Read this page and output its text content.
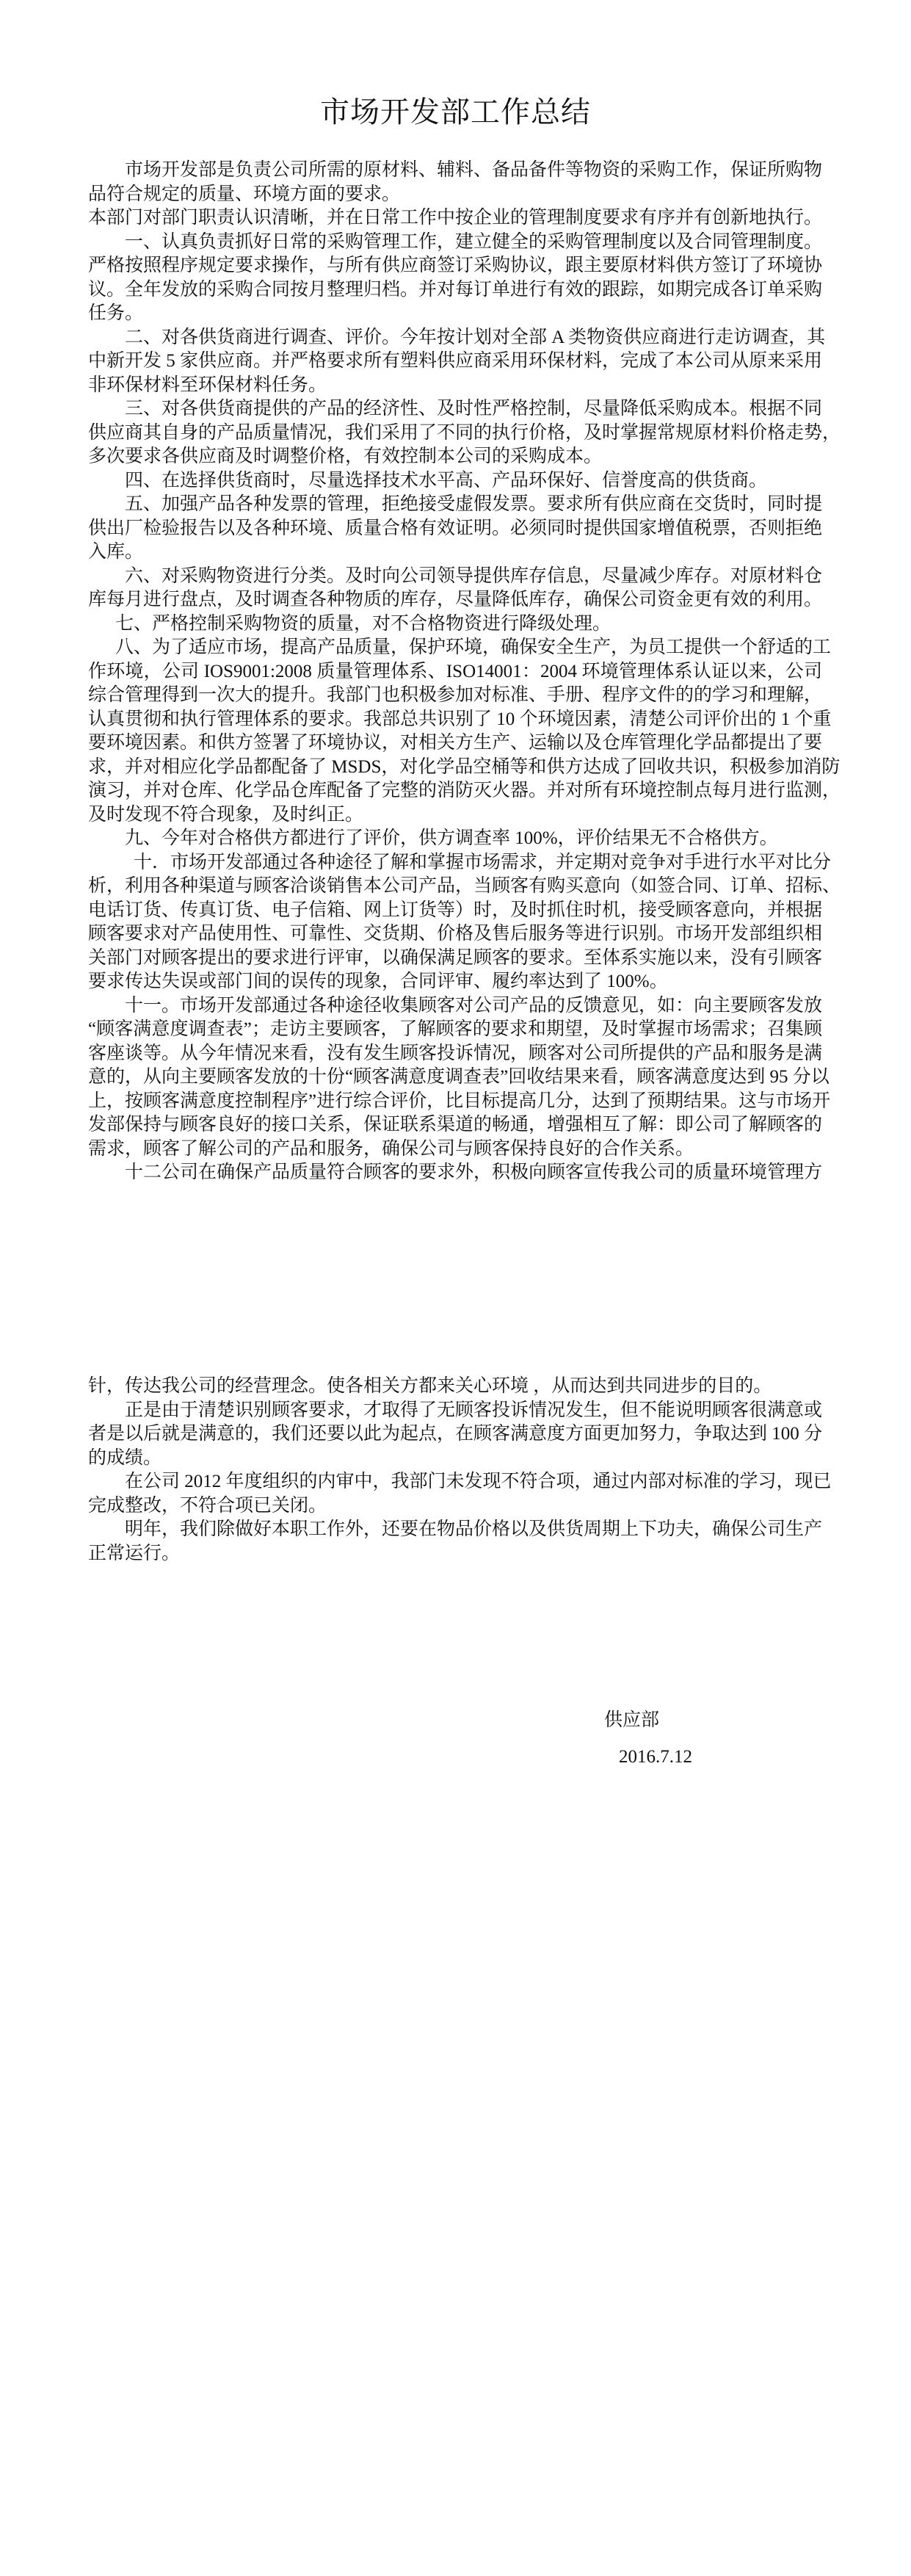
市场开发部工作总结
市场开发部是负责公司所需的原材料、辅料、备品备件等物资的采购工作，保证所购物
品符合规定的质量、环境方面的要求。
本部门对部门职责认识清晰，并在日常工作中按企业的管理制度要求有序并有创新地执行。
一、认真负责抓好日常的采购管理工作，建立健全的采购管理制度以及合同管理制度。
严格按照程序规定要求操作，与所有供应商签订采购协议，跟主要原材料供方签订了环境协
议。全年发放的采购合同按月整理归档。并对每订单进行有效的跟踪，如期完成各订单采购
任务。
二、对各供货商进行调查、评价。今年按计划对全部 A 类物资供应商进行走访调查，其
中新开发 5 家供应商。并严格要求所有塑料供应商采用环保材料，完成了本公司从原来采用
非环保材料至环保材料任务。
三、对各供货商提供的产品的经济性、及时性严格控制，尽量降低采购成本。根据不同
供应商其自身的产品质量情况，我们采用了不同的执行价格，及时掌握常规原材料价格走势，
多次要求各供应商及时调整价格，有效控制本公司的采购成本。
四、在选择供货商时，尽量选择技术水平高、产品环保好、信誉度高的供货商。
五、加强产品各种发票的管理，拒绝接受虚假发票。要求所有供应商在交货时，同时提
供出厂检验报告以及各种环境、质量合格有效证明。必须同时提供国家增值税票，否则拒绝
入库。
六、对采购物资进行分类。及时向公司领导提供库存信息，尽量减少库存。对原材料仓
库每月进行盘点，及时调查各种物质的库存，尽量降低库存，确保公司资金更有效的利用。
七、严格控制采购物资的质量，对不合格物资进行降级处理。
八、为了适应市场，提高产品质量，保护环境，确保安全生产，为员工提供一个舒适的工
作环境，公司 IOS9001:2008 质量管理体系、ISO14001：2004 环境管理体系认证以来，公司
综合管理得到一次大的提升。我部门也积极参加对标准、手册、程序文件的的学习和理解，
认真贯彻和执行管理体系的要求。我部总共识别了 10 个环境因素，清楚公司评价出的 1 个重
要环境因素。和供方签署了环境协议，对相关方生产、运输以及仓库管理化学品都提出了要
求，并对相应化学品都配备了 MSDS，对化学品空桶等和供方达成了回收共识，积极参加消防
演习，并对仓库、化学品仓库配备了完整的消防灭火器。并对所有环境控制点每月进行监测，
及时发现不符合现象，及时纠正。
九、今年对合格供方都进行了评价，供方调查率 100%，评价结果无不合格供方。
十．市场开发部通过各种途径了解和掌握市场需求，并定期对竞争对手进行水平对比分
析，利用各种渠道与顾客洽谈销售本公司产品，当顾客有购买意向（如签合同、订单、招标、
电话订货、传真订货、电子信箱、网上订货等）时，及时抓住时机，接受顾客意向，并根据
顾客要求对产品使用性、可靠性、交货期、价格及售后服务等进行识别。市场开发部组织相
关部门对顾客提出的要求进行评审，以确保满足顾客的要求。至体系实施以来，没有引顾客
要求传达失误或部门间的误传的现象，合同评审、履约率达到了 100%。
十一。市场开发部通过各种途径收集顾客对公司产品的反馈意见，如：向主要顾客发放
“顾客满意度调查表”；走访主要顾客，了解顾客的要求和期望，及时掌握市场需求；召集顾
客座谈等。从今年情况来看，没有发生顾客投诉情况，顾客对公司所提供的产品和服务是满
意的，从向主要顾客发放的十份“顾客满意度调查表”回收结果来看，顾客满意度达到 95 分以
上，按顾客满意度控制程序”进行综合评价，比目标提高几分，达到了预期结果。这与市场开
发部保持与顾客良好的接口关系，保证联系渠道的畅通，增强相互了解：即公司了解顾客的
需求，顾客了解公司的产品和服务，确保公司与顾客保持良好的合作关系。
十二公司在确保产品质量符合顾客的要求外，积极向顾客宣传我公司的质量环境管理方
针，传达我公司的经营理念。使各相关方都来关心环境 ，从而达到共同进步的目的。
正是由于清楚识别顾客要求，才取得了无顾客投诉情况发生，但不能说明顾客很满意或
者是以后就是满意的，我们还要以此为起点，在顾客满意度方面更加努力，争取达到 100 分
的成绩。
在公司 2012 年度组织的内审中，我部门未发现不符合项，通过内部对标准的学习，现已
完成整改，不符合项已关闭。
明年，我们除做好本职工作外，还要在物品价格以及供货周期上下功夫，确保公司生产
正常运行。
供应部
2016.7.12
